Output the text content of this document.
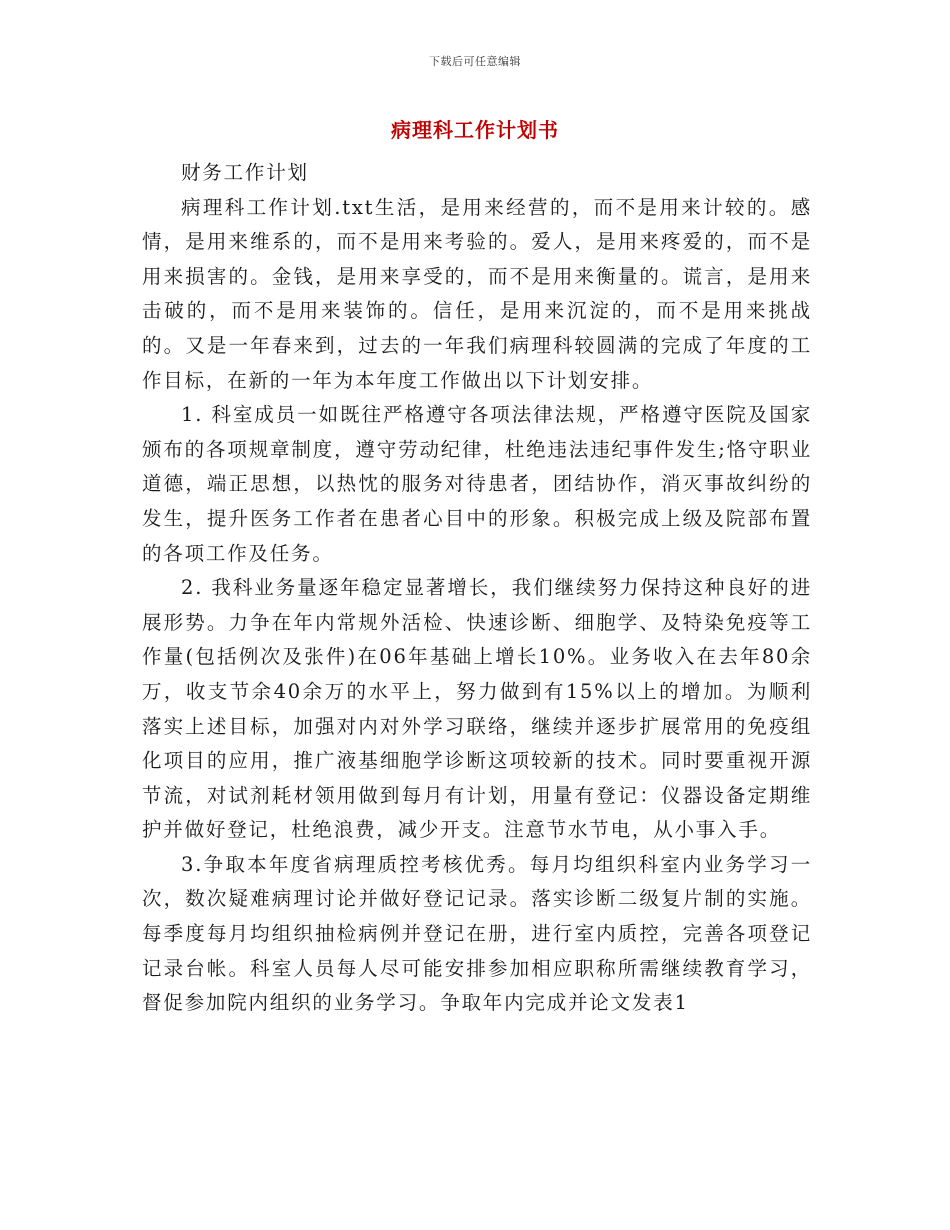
下载后可任意编辑
病理科工作计划书

财务工作计划

病理科工作计划.txt生活，是用来经营的，而不是用来计较的。感情，是用来维系的，而不是用来考验的。爱人，是用来疼爱的，而不是用来损害的。金钱，是用来享受的，而不是用来衡量的。谎言，是用来击破的，而不是用来装饰的。信任，是用来沉淀的，而不是用来挑战的。又是一年春来到，过去的一年我们病理科较圆满的完成了年度的工作目标，在新的一年为本年度工作做出以下计划安排。

1. 科室成员一如既往严格遵守各项法律法规，严格遵守医院及国家颁布的各项规章制度，遵守劳动纪律，杜绝违法违纪事件发生;恪守职业道德，端正思想，以热忱的服务对待患者，团结协作，消灭事故纠纷的发生，提升医务工作者在患者心目中的形象。积极完成上级及院部布置的各项工作及任务。

2. 我科业务量逐年稳定显著增长，我们继续努力保持这种良好的进展形势。力争在年内常规外活检、快速诊断、细胞学、及特染免疫等工作量(包括例次及张件)在06年基础上增长10%。业务收入在去年80余万，收支节余40余万的水平上，努力做到有15%以上的增加。为顺利落实上述目标，加强对内对外学习联络，继续并逐步扩展常用的免疫组化项目的应用，推广液基细胞学诊断这项较新的技术。同时要重视开源节流，对试剂耗材领用做到每月有计划，用量有登记：仪器设备定期维护并做好登记，杜绝浪费，减少开支。注意节水节电，从小事入手。

3.争取本年度省病理质控考核优秀。每月均组织科室内业务学习一次，数次疑难病理讨论并做好登记记录。落实诊断二级复片制的实施。每季度每月均组织抽检病例并登记在册，进行室内质控，完善各项登记记录台帐。科室人员每人尽可能安排参加相应职称所需继续教育学习，督促参加院内组织的业务学习。争取年内完成并论文发表1
